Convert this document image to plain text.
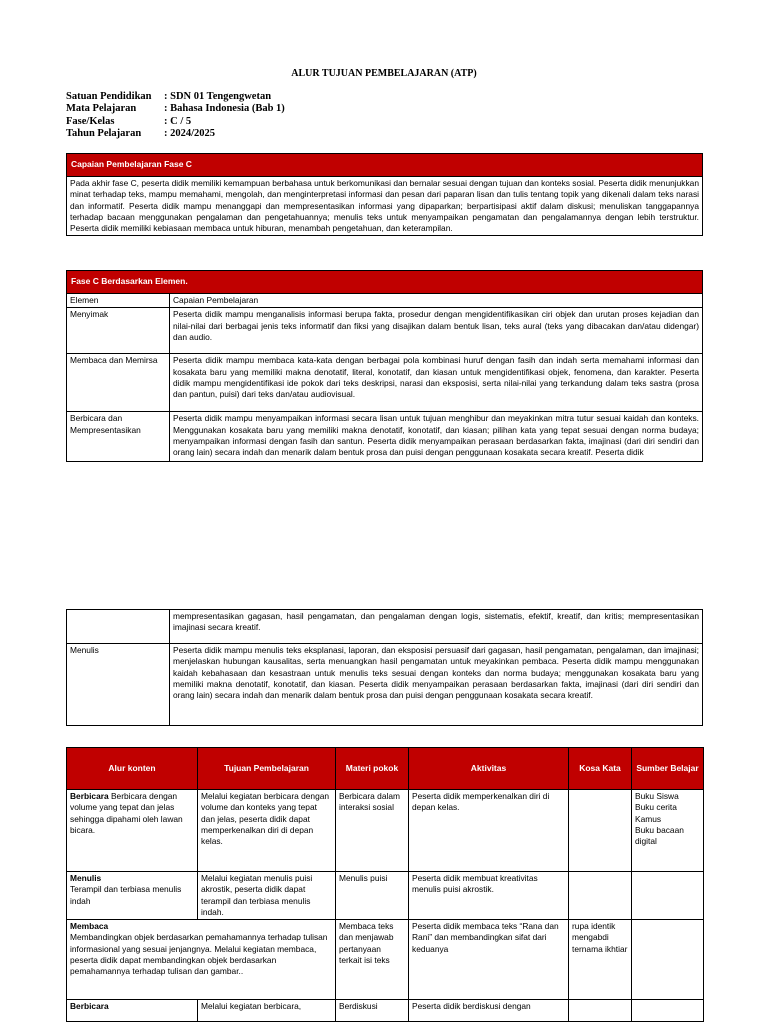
ALUR TUJUAN PEMBELAJARAN (ATP)
Satuan Pendidikan	: SDN 01 Tengengwetan
Mata Pelajaran	: Bahasa Indonesia (Bab 1)
Fase/Kelas	: C / 5
Tahun Pelajaran	: 2024/2025
Capaian Pembelajaran Fase C
Pada akhir fase C, peserta didik memiliki kemampuan berbahasa untuk berkomunikasi dan bernalar sesuai dengan tujuan dan konteks sosial. Peserta didik menunjukkan minat terhadap teks, mampu memahami, mengolah, dan menginterpretasi informasi dan pesan dari paparan lisan dan tulis tentang topik yang dikenali dalam teks narasi dan informatif. Peserta didik mampu menanggapi dan mempresentasikan informasi yang dipaparkan; berpartisipasi aktif dalam diskusi; menuliskan tanggapannya terhadap bacaan menggunakan pengalaman dan pengetahuannya; menulis teks untuk menyampaikan pengamatan dan pengalamannya dengan lebih terstruktur. Peserta didik memiliki kebiasaan membaca untuk hiburan, menambah pengetahuan, dan keterampilan.
Fase C Berdasarkan Elemen.	
Elemen	Capaian Pembelajaran
Menyimak	Peserta didik mampu menganalisis informasi berupa fakta, prosedur dengan mengidentifikasikan ciri objek dan urutan proses kejadian dan nilai-nilai dari berbagai jenis teks informatif dan fiksi yang disajikan dalam bentuk lisan, teks aural (teks yang dibacakan dan/atau didengar) dan audio.
Membaca dan Memirsa	Peserta didik mampu membaca kata-kata dengan berbagai pola kombinasi huruf dengan fasih dan indah serta memahami informasi dan kosakata baru yang memiliki makna denotatif, literal, konotatif, dan kiasan untuk mengidentifikasi objek, fenomena, dan karakter. Peserta didik mampu mengidentifikasi ide pokok dari teks deskripsi, narasi dan eksposisi, serta nilai-nilai yang terkandung dalam teks sastra (prosa dan pantun, puisi) dari teks dan/atau audiovisual.
Berbicara dan Mempresentasikan	Peserta didik mampu menyampaikan informasi secara lisan untuk tujuan menghibur dan meyakinkan mitra tutur sesuai kaidah dan konteks. Menggunakan kosakata baru yang memiliki makna denotatif, konotatif, dan kiasan; pilihan kata yang tepat sesuai dengan norma budaya; menyampaikan informasi dengan fasih dan santun. Peserta didik menyampaikan perasaan berdasarkan fakta, imajinasi (dari diri sendiri dan orang lain) secara indah dan menarik dalam bentuk prosa dan puisi dengan penggunaan kosakata secara kreatif. Peserta didik
	mempresentasikan gagasan, hasil pengamatan, dan pengalaman dengan logis, sistematis, efektif, kreatif, dan kritis; mempresentasikan imajinasi secara kreatif.
Menulis	Peserta didik mampu menulis teks eksplanasi, laporan, dan eksposisi persuasif dari gagasan, hasil pengamatan, pengalaman, dan imajinasi; menjelaskan hubungan kausalitas, serta menuangkan hasil pengamatan untuk meyakinkan pembaca. Peserta didik mampu menggunakan kaidah kebahasaan dan kesastraan untuk menulis teks sesuai dengan konteks dan norma budaya; menggunakan kosakata baru yang memiliki makna denotatif, konotatif, dan kiasan. Peserta didik menyampaikan perasaan berdasarkan fakta, imajinasi (dari diri sendiri dan orang lain) secara indah dan menarik dalam bentuk prosa dan puisi dengan penggunaan kosakata secara kreatif.
Alur konten	Tujuan Pembelajaran	Materi pokok	Aktivitas	Kosa Kata	Sumber Belajar
Berbicara Berbicara dengan volume yang tepat dan jelas sehingga dipahami oleh lawan bicara.	Melalui kegiatan berbicara dengan volume dan konteks yang tepat dan jelas, peserta didik dapat memperkenalkan diri di depan kelas.	Berbicara dalam interaksi sosial	Peserta didik memperkenalkan diri di depan kelas.		Buku Siswa
Buku cerita
Kamus
Buku bacaan digital

Menulis
Terampil dan terbiasa menulis indah	Melalui kegiatan menulis puisi akrostik, peserta didik dapat terampil dan terbiasa menulis indah.	Menulis puisi	Peserta didik membuat kreativitas menulis puisi akrostik.		

Membaca
Membandingkan objek berdasarkan pemahamannya terhadap tulisan informasional yang sesuai jenjangnya. Melalui kegiatan membaca, peserta didik dapat membandingkan objek berdasarkan pemahamannya terhadap tulisan dan gambar..		Membaca teks dan menjawab pertanyaan terkait isi teks	Peserta didik membaca teks “Rana dan Rani” dan membandingkan sifat dari keduanya	rupa identik mengabdi ternama ikhtiar	
Berbicara	Melalui kegiatan berbicara,	Berdiskusi	Peserta didik berdiskusi dengan		
